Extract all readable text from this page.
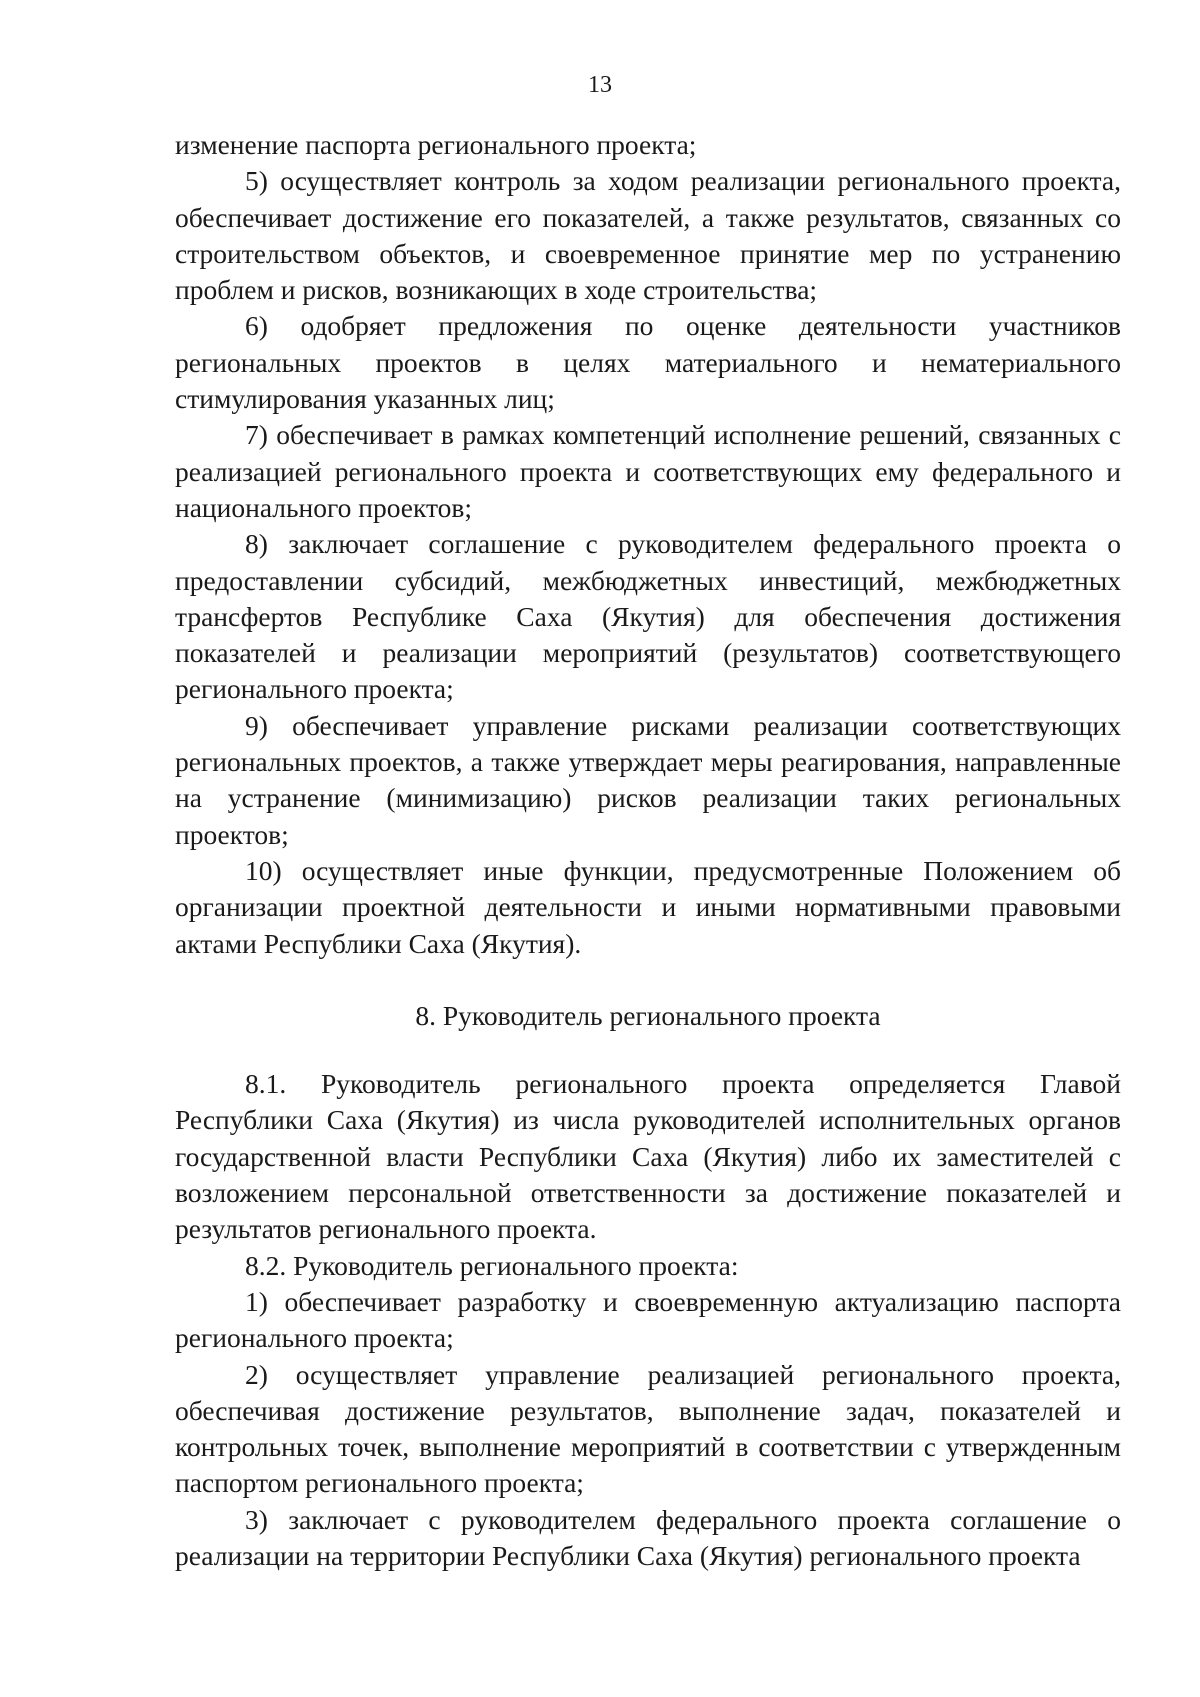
13

изменение паспорта регионального проекта;

5) осуществляет контроль за ходом реализации регионального проекта, обеспечивает достижение его показателей, а также результатов, связанных со строительством объектов, и своевременное принятие мер по устранению проблем и рисков, возникающих в ходе строительства;

6) одобряет предложения по оценке деятельности участников региональных проектов в целях материального и нематериального стимулирования указанных лиц;

7) обеспечивает в рамках компетенций исполнение решений, связанных с реализацией регионального проекта и соответствующих ему федерального и национального проектов;

8) заключает соглашение с руководителем федерального проекта о предоставлении субсидий, межбюджетных инвестиций, межбюджетных трансфертов Республике Саха (Якутия) для обеспечения достижения показателей и реализации мероприятий (результатов) соответствующего регионального проекта;

9) обеспечивает управление рисками реализации соответствующих региональных проектов, а также утверждает меры реагирования, направленные на устранение (минимизацию) рисков реализации таких региональных проектов;

10) осуществляет иные функции, предусмотренные Положением об организации проектной деятельности и иными нормативными правовыми актами Республики Саха (Якутия).

8. Руководитель регионального проекта

8.1. Руководитель регионального проекта определяется Главой Республики Саха (Якутия) из числа руководителей исполнительных органов государственной власти Республики Саха (Якутия) либо их заместителей с возложением персональной ответственности за достижение показателей и результатов регионального проекта.

8.2. Руководитель регионального проекта:

1) обеспечивает разработку и своевременную актуализацию паспорта регионального проекта;

2) осуществляет управление реализацией регионального проекта, обеспечивая достижение результатов, выполнение задач, показателей и контрольных точек, выполнение мероприятий в соответствии с утвержденным паспортом регионального проекта;

3) заключает с руководителем федерального проекта соглашение о реализации на территории Республики Саха (Якутия) регионального проекта
